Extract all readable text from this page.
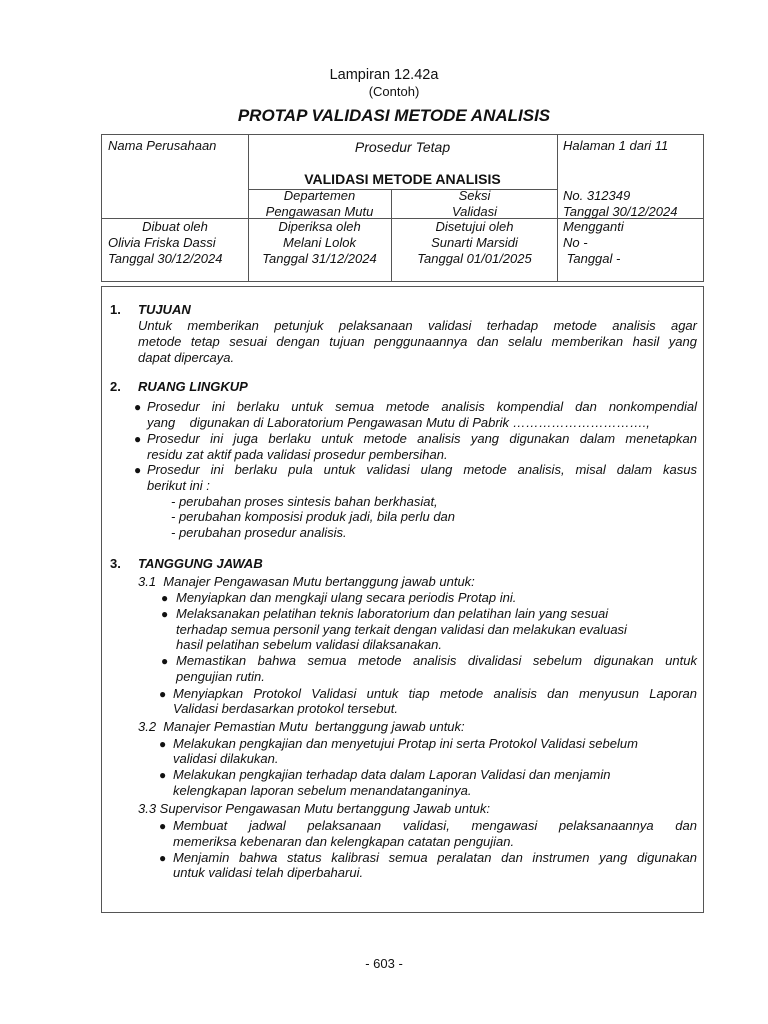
Lampiran 12.42a
(Contoh)
PROTAP VALIDASI METODE ANALISIS
Nama Perusahaan	Prosedur Tetap	Halaman 1 dari 11
VALIDASI METODE ANALISIS
Departemen
Pengawasan Mutu
Seksi
Validasi
No. 312349
Tanggal 30/12/2024
Dibuat oleh
Olivia Friska Dassi
Tanggal 30/12/2024
Diperiksa oleh
Melani Lolok
Tanggal 31/12/2024
Disetujui oleh
Sunarti Marsidi
Tanggal 01/01/2025
Mengganti
No -
Tanggal -
1. TUJUAN
Untuk memberikan petunjuk pelaksanaan validasi terhadap metode analisis agar
metode tetap sesuai dengan tujuan penggunaannya dan selalu memberikan hasil yang
dapat dipercaya.
2. RUANG LINGKUP
● Prosedur ini berlaku untuk semua metode analisis kompendial dan nonkompendial
yang    digunakan di Laboratorium Pengawasan Mutu di Pabrik ………………………….,
● Prosedur ini juga berlaku untuk metode analisis yang digunakan dalam menetapkan
residu zat aktif pada validasi prosedur pembersihan.
● Prosedur ini berlaku pula untuk validasi ulang metode analisis, misal dalam kasus
berikut ini :
- perubahan proses sintesis bahan berkhasiat,
- perubahan komposisi produk jadi, bila perlu dan
- perubahan prosedur analisis.
3. TANGGUNG JAWAB
3.1  Manajer Pengawasan Mutu bertanggung jawab untuk:
● Menyiapkan dan mengkaji ulang secara periodis Protap ini.
● Melaksanakan pelatihan teknis laboratorium dan pelatihan lain yang sesuai
terhadap semua personil yang terkait dengan validasi dan melakukan evaluasi
hasil pelatihan sebelum validasi dilaksanakan.
● Memastikan bahwa semua metode analisis divalidasi sebelum digunakan untuk
pengujian rutin.
● Menyiapkan Protokol Validasi untuk tiap metode analisis dan menyusun Laporan
Validasi berdasarkan protokol tersebut.
3.2  Manajer Pemastian Mutu  bertanggung jawab untuk:
● Melakukan pengkajian dan menyetujui Protap ini serta Protokol Validasi sebelum
validasi dilakukan.
● Melakukan pengkajian terhadap data dalam Laporan Validasi dan menjamin
kelengkapan laporan sebelum menandatanganinya.
3.3 Supervisor Pengawasan Mutu bertanggung Jawab untuk:
● Membuat jadwal pelaksanaan validasi, mengawasi pelaksanaannya dan
memeriksa kebenaran dan kelengkapan catatan pengujian.
● Menjamin bahwa status kalibrasi semua peralatan dan instrumen yang digunakan
untuk validasi telah diperbaharui.
- 603 -
